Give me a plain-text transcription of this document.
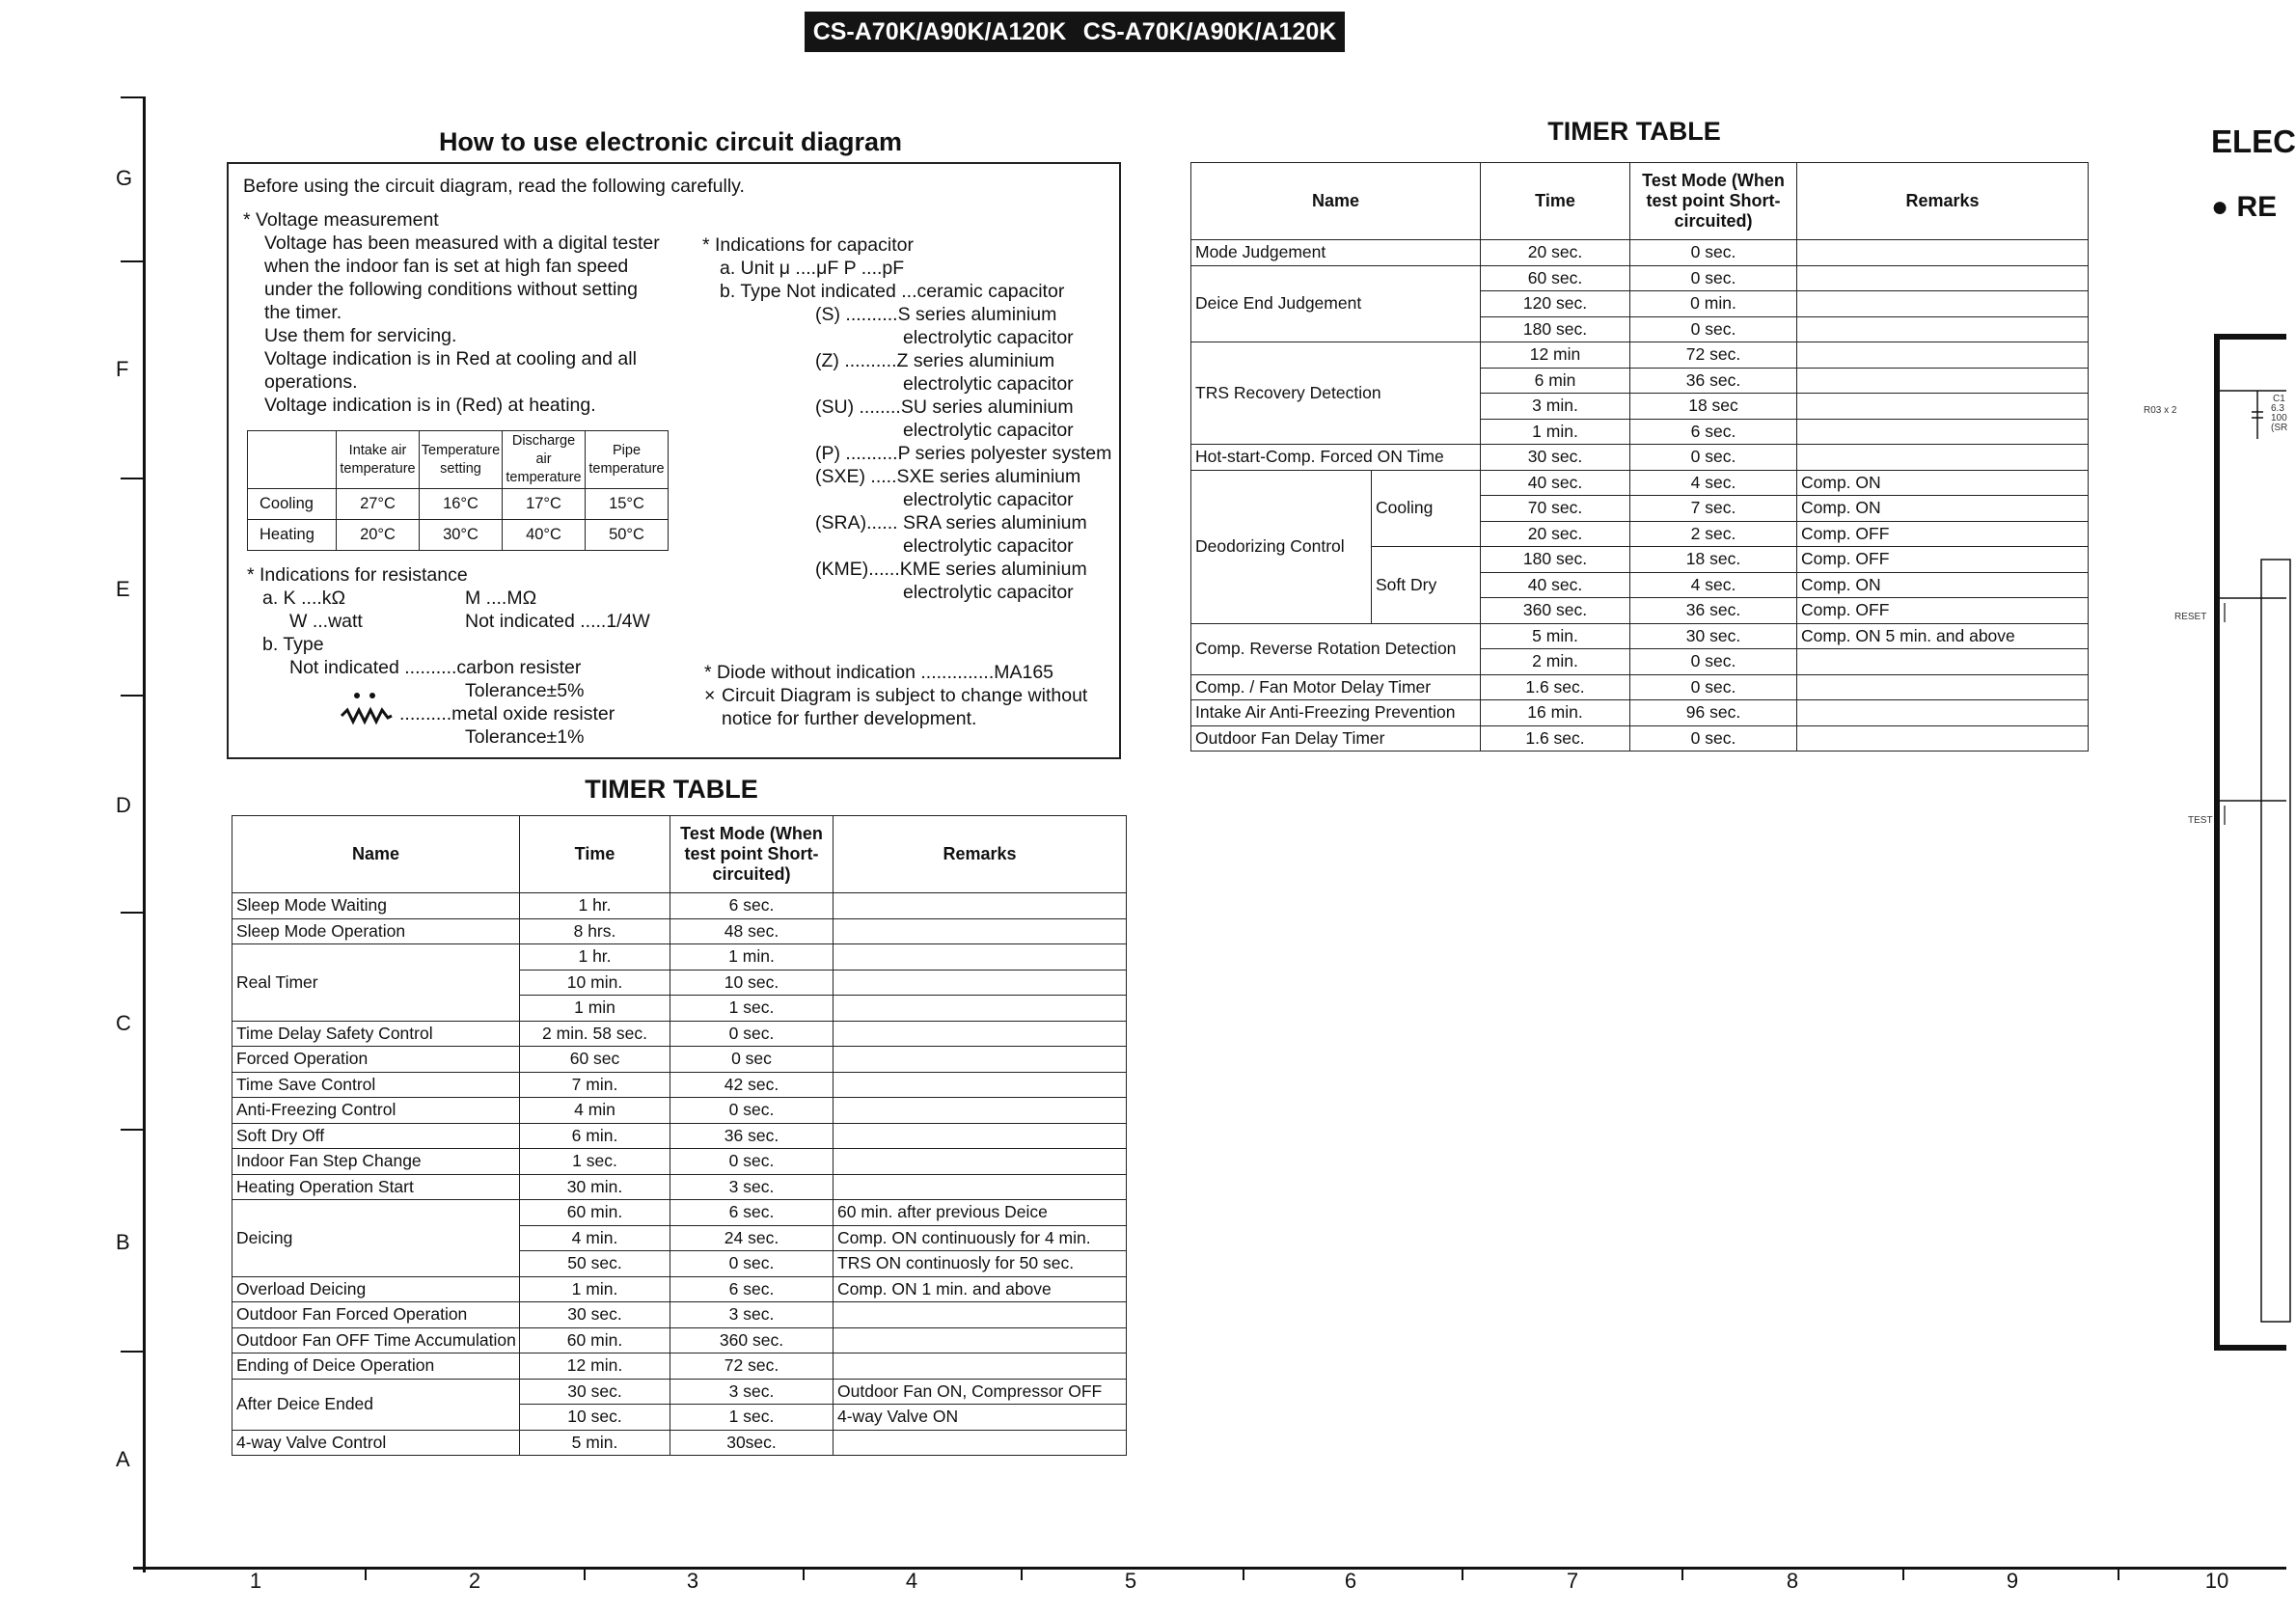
CS-A70K/A90K/A120K CS-A70K/A90K/A120K
G
F
E
D
C
B
A
1	2	3	4	5	6	7	8	9	10
How to use electronic circuit diagram
Before using the circuit diagram, read the following carefully.
* Voltage measurement
Voltage has been measured with a digital tester
when the indoor fan is set at high fan speed
under the following conditions without setting
the timer.
Use them for servicing.
Voltage indication is in Red at cooling and all
operations.
Voltage indication is in (Red) at heating.
	Intake air temperature	Temperature setting	Discharge air temperature	Pipe temperature
Cooling	27°C	16°C	17°C	15°C
Heating	20°C	30°C	40°C	50°C
* Indications for resistance
a. K ....kΩ	M ....MΩ
W ...watt	Not indicated .....1/4W
b. Type
Not indicated ..........carbon resister
Tolerance±5%
..........metal oxide resister
Tolerance±1%
* Indications for capacitor
a. Unit μ ....μF P ....pF
b. Type Not indicated ...ceramic capacitor
(S) ..........S series aluminium
electrolytic capacitor
(Z) ..........Z series aluminium
electrolytic capacitor
(SU) ........SU series aluminium
electrolytic capacitor
(P) ..........P series polyester system
(SXE) .....SXE series aluminium
electrolytic capacitor
(SRA)...... SRA series aluminium
electrolytic capacitor
(KME)......KME series aluminium
electrolytic capacitor
* Diode without indication ..............MA165
× Circuit Diagram is subject to change without
notice for further development.
TIMER TABLE
Name	Time	Test Mode (When test point Short-circuited)	Remarks
Sleep Mode Waiting	1 hr.	6 sec.	
Sleep Mode Operation	8 hrs.	48 sec.	
Real Timer	1 hr.	1 min.	
	10 min.	10 sec.	
	1 min	1 sec.	
Time Delay Safety Control	2 min. 58 sec.	0 sec.	
Forced Operation	60 sec	0 sec	
Time Save Control	7 min.	42 sec.	
Anti-Freezing Control	4 min	0 sec.	
Soft Dry Off	6 min.	36 sec.	
Indoor Fan Step Change	1 sec.	0 sec.	
Heating Operation Start	30 min.	3 sec.	
Deicing	60 min.	6 sec.	60 min. after previous Deice
	4 min.	24 sec.	Comp. ON continuously for 4 min.
	50 sec.	0 sec.	TRS ON continuosly for 50 sec.
Overload Deicing	1 min.	6 sec.	Comp. ON 1 min. and above
Outdoor Fan Forced Operation	30 sec.	3 sec.	
Outdoor Fan OFF Time Accumulation	60 min.	360 sec.	
Ending of Deice Operation	12 min.	72 sec.	
After Deice Ended	30 sec.	3 sec.	Outdoor Fan ON, Compressor OFF
	10 sec.	1 sec.	4-way Valve ON
4-way Valve Control	5 min.	30sec.	
TIMER TABLE
Name		Time	Test Mode (When test point Short-circuited)	Remarks
Mode Judgement		20 sec.	0 sec.	
Deice End Judgement		60 sec.	0 sec.	
		120 sec.	0 min.	
		180 sec.	0 sec.	
TRS Recovery Detection		12 min	72 sec.	
		6 min	36 sec.	
		3 min.	18 sec	
		1 min.	6 sec.	
Hot-start-Comp. Forced ON Time		30 sec.	0 sec.	
Deodorizing Control	Cooling	40 sec.	4 sec.	Comp. ON
		70 sec.	7 sec.	Comp. ON
		20 sec.	2 sec.	Comp. OFF
	Soft Dry	180 sec.	18 sec.	Comp. OFF
		40 sec.	4 sec.	Comp. ON
		360 sec.	36 sec.	Comp. OFF
Comp. Reverse Rotation Detection		5 min.	30 sec.	Comp. ON 5 min. and above
		2 min.	0 sec.	
Comp. / Fan Motor Delay Timer		1.6 sec.	0 sec.	
Intake Air Anti-Freezing Prevention		16 min.	96 sec.	
Outdoor Fan Delay Timer		1.6 sec.	0 sec.	
ELEC
● RE
R03 x 2
RESET
TEST
C1
6.3
100
(SR
